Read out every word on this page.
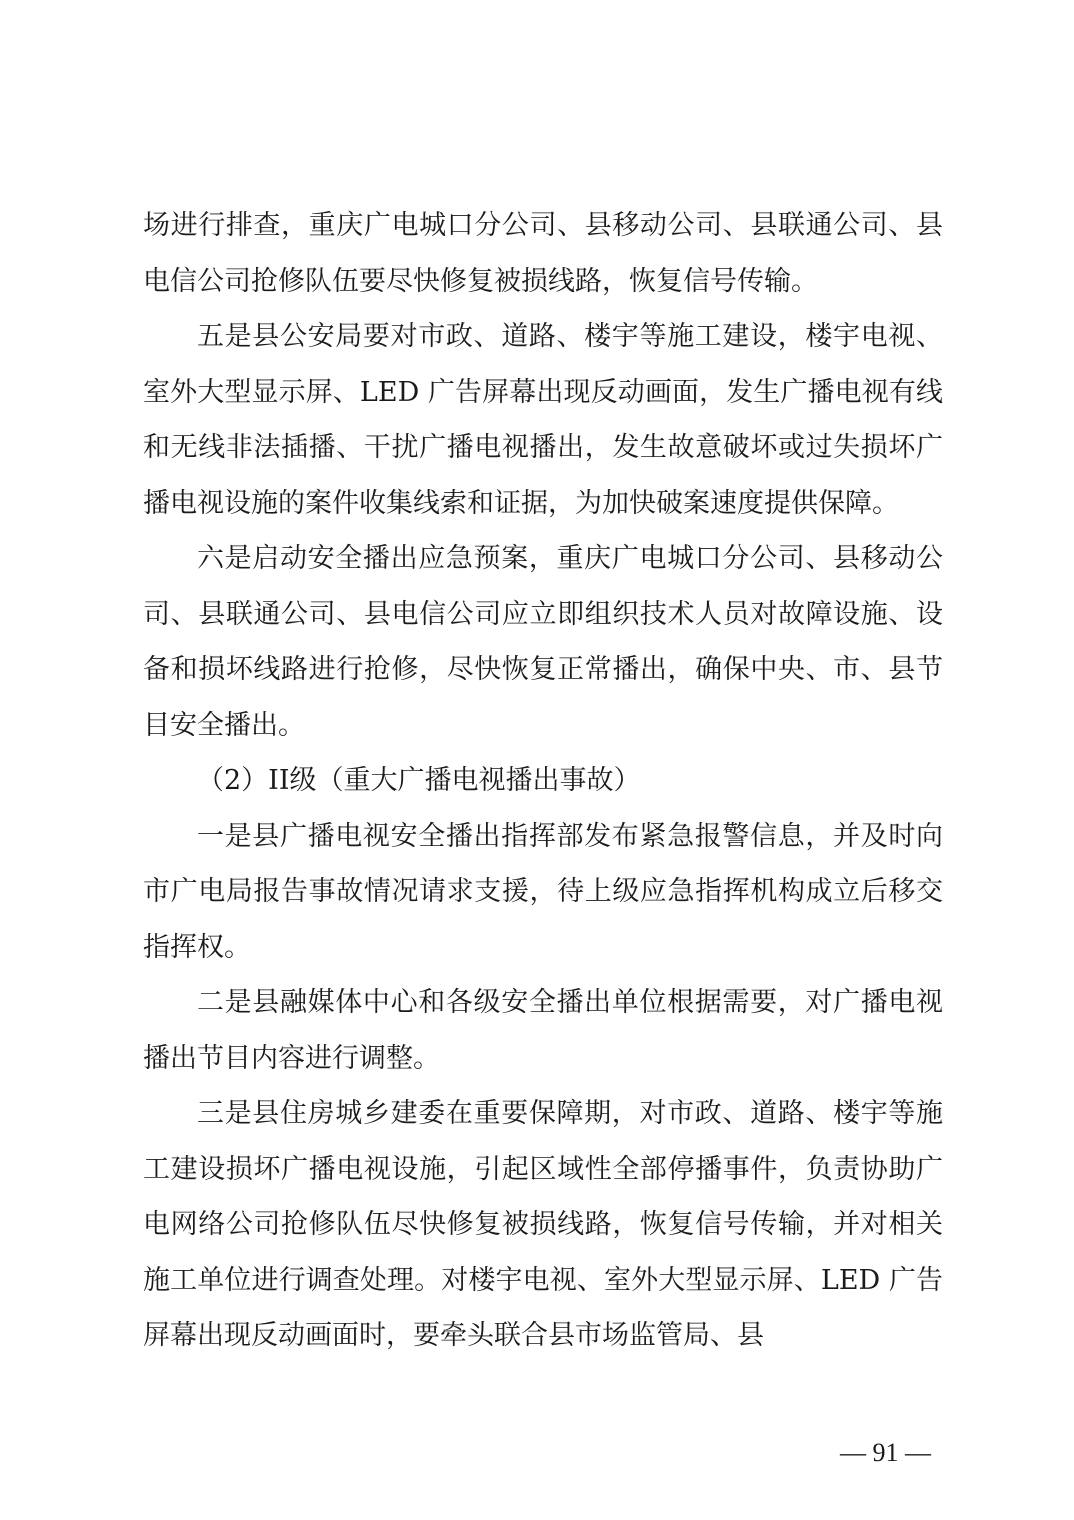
场进行排查，重庆广电城口分公司、县移动公司、县联通公司、县电信公司抢修队伍要尽快修复被损线路，恢复信号传输。

五是县公安局要对市政、道路、楼宇等施工建设，楼宇电视、室外大型显示屏、LED 广告屏幕出现反动画面，发生广播电视有线和无线非法插播、干扰广播电视播出，发生故意破坏或过失损坏广播电视设施的案件收集线索和证据，为加快破案速度提供保障。

六是启动安全播出应急预案，重庆广电城口分公司、县移动公司、县联通公司、县电信公司应立即组织技术人员对故障设施、设备和损坏线路进行抢修，尽快恢复正常播出，确保中央、市、县节目安全播出。

（2）II级（重大广播电视播出事故）

一是县广播电视安全播出指挥部发布紧急报警信息，并及时向市广电局报告事故情况请求支援，待上级应急指挥机构成立后移交指挥权。

二是县融媒体中心和各级安全播出单位根据需要，对广播电视播出节目内容进行调整。

三是县住房城乡建委在重要保障期，对市政、道路、楼宇等施工建设损坏广播电视设施，引起区域性全部停播事件，负责协助广电网络公司抢修队伍尽快修复被损线路，恢复信号传输，并对相关施工单位进行调查处理。对楼宇电视、室外大型显示屏、LED 广告屏幕出现反动画面时，要牵头联合县市场监管局、县

— 91 —
